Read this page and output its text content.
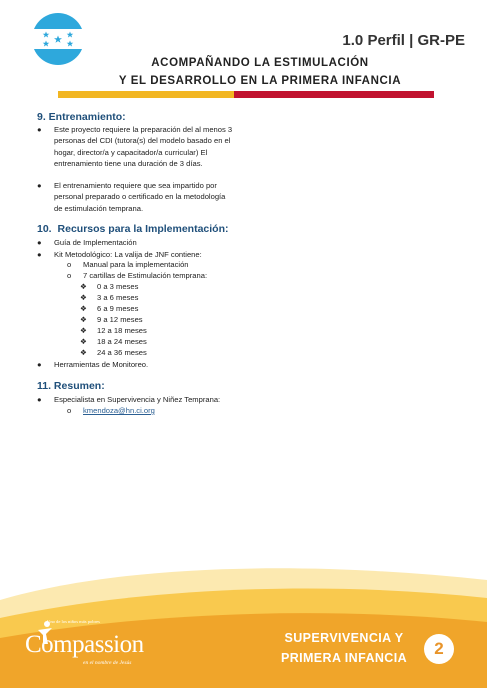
1.0 Perfil | GR-PE
ACOMPAÑANDO LA ESTIMULACIÓN
Y EL DESARROLLO EN LA PRIMERA INFANCIA
9. Entrenamiento:
● Este proyecto requiere la preparación del al menos 3
personas del CDI (tutora(s) del modelo basado en el
hogar, director/a y capacitador/a curricular) El
entrenamiento tiene una duración de 3 días.
● El entrenamiento requiere que sea impartido por
personal preparado o certificado en la metodología
de estimulación temprana.
10. Recursos para la Implementación:
● Guía de Implementación
● Kit Metodológico: La valija de JNF contiene:
o Manual para la implementación
o 7 cartillas de Estimulación temprana:
❖ 0 a 3 meses
❖ 3 a 6 meses
❖ 6 a 9 meses
❖ 9 a 12 meses
❖ 12 a 18 meses
❖ 18 a 24 meses
❖ 24 a 36 meses
● Herramientas de Monitoreo.
11. Resumen:
● Especialista en Supervivencia y Niñez Temprana:
o kmendoza@hn.ci.org
Uno de los niños más pobres
Compassion
en el nombre de Jesús
SUPERVIVENCIA Y
PRIMERA INFANCIA	2
